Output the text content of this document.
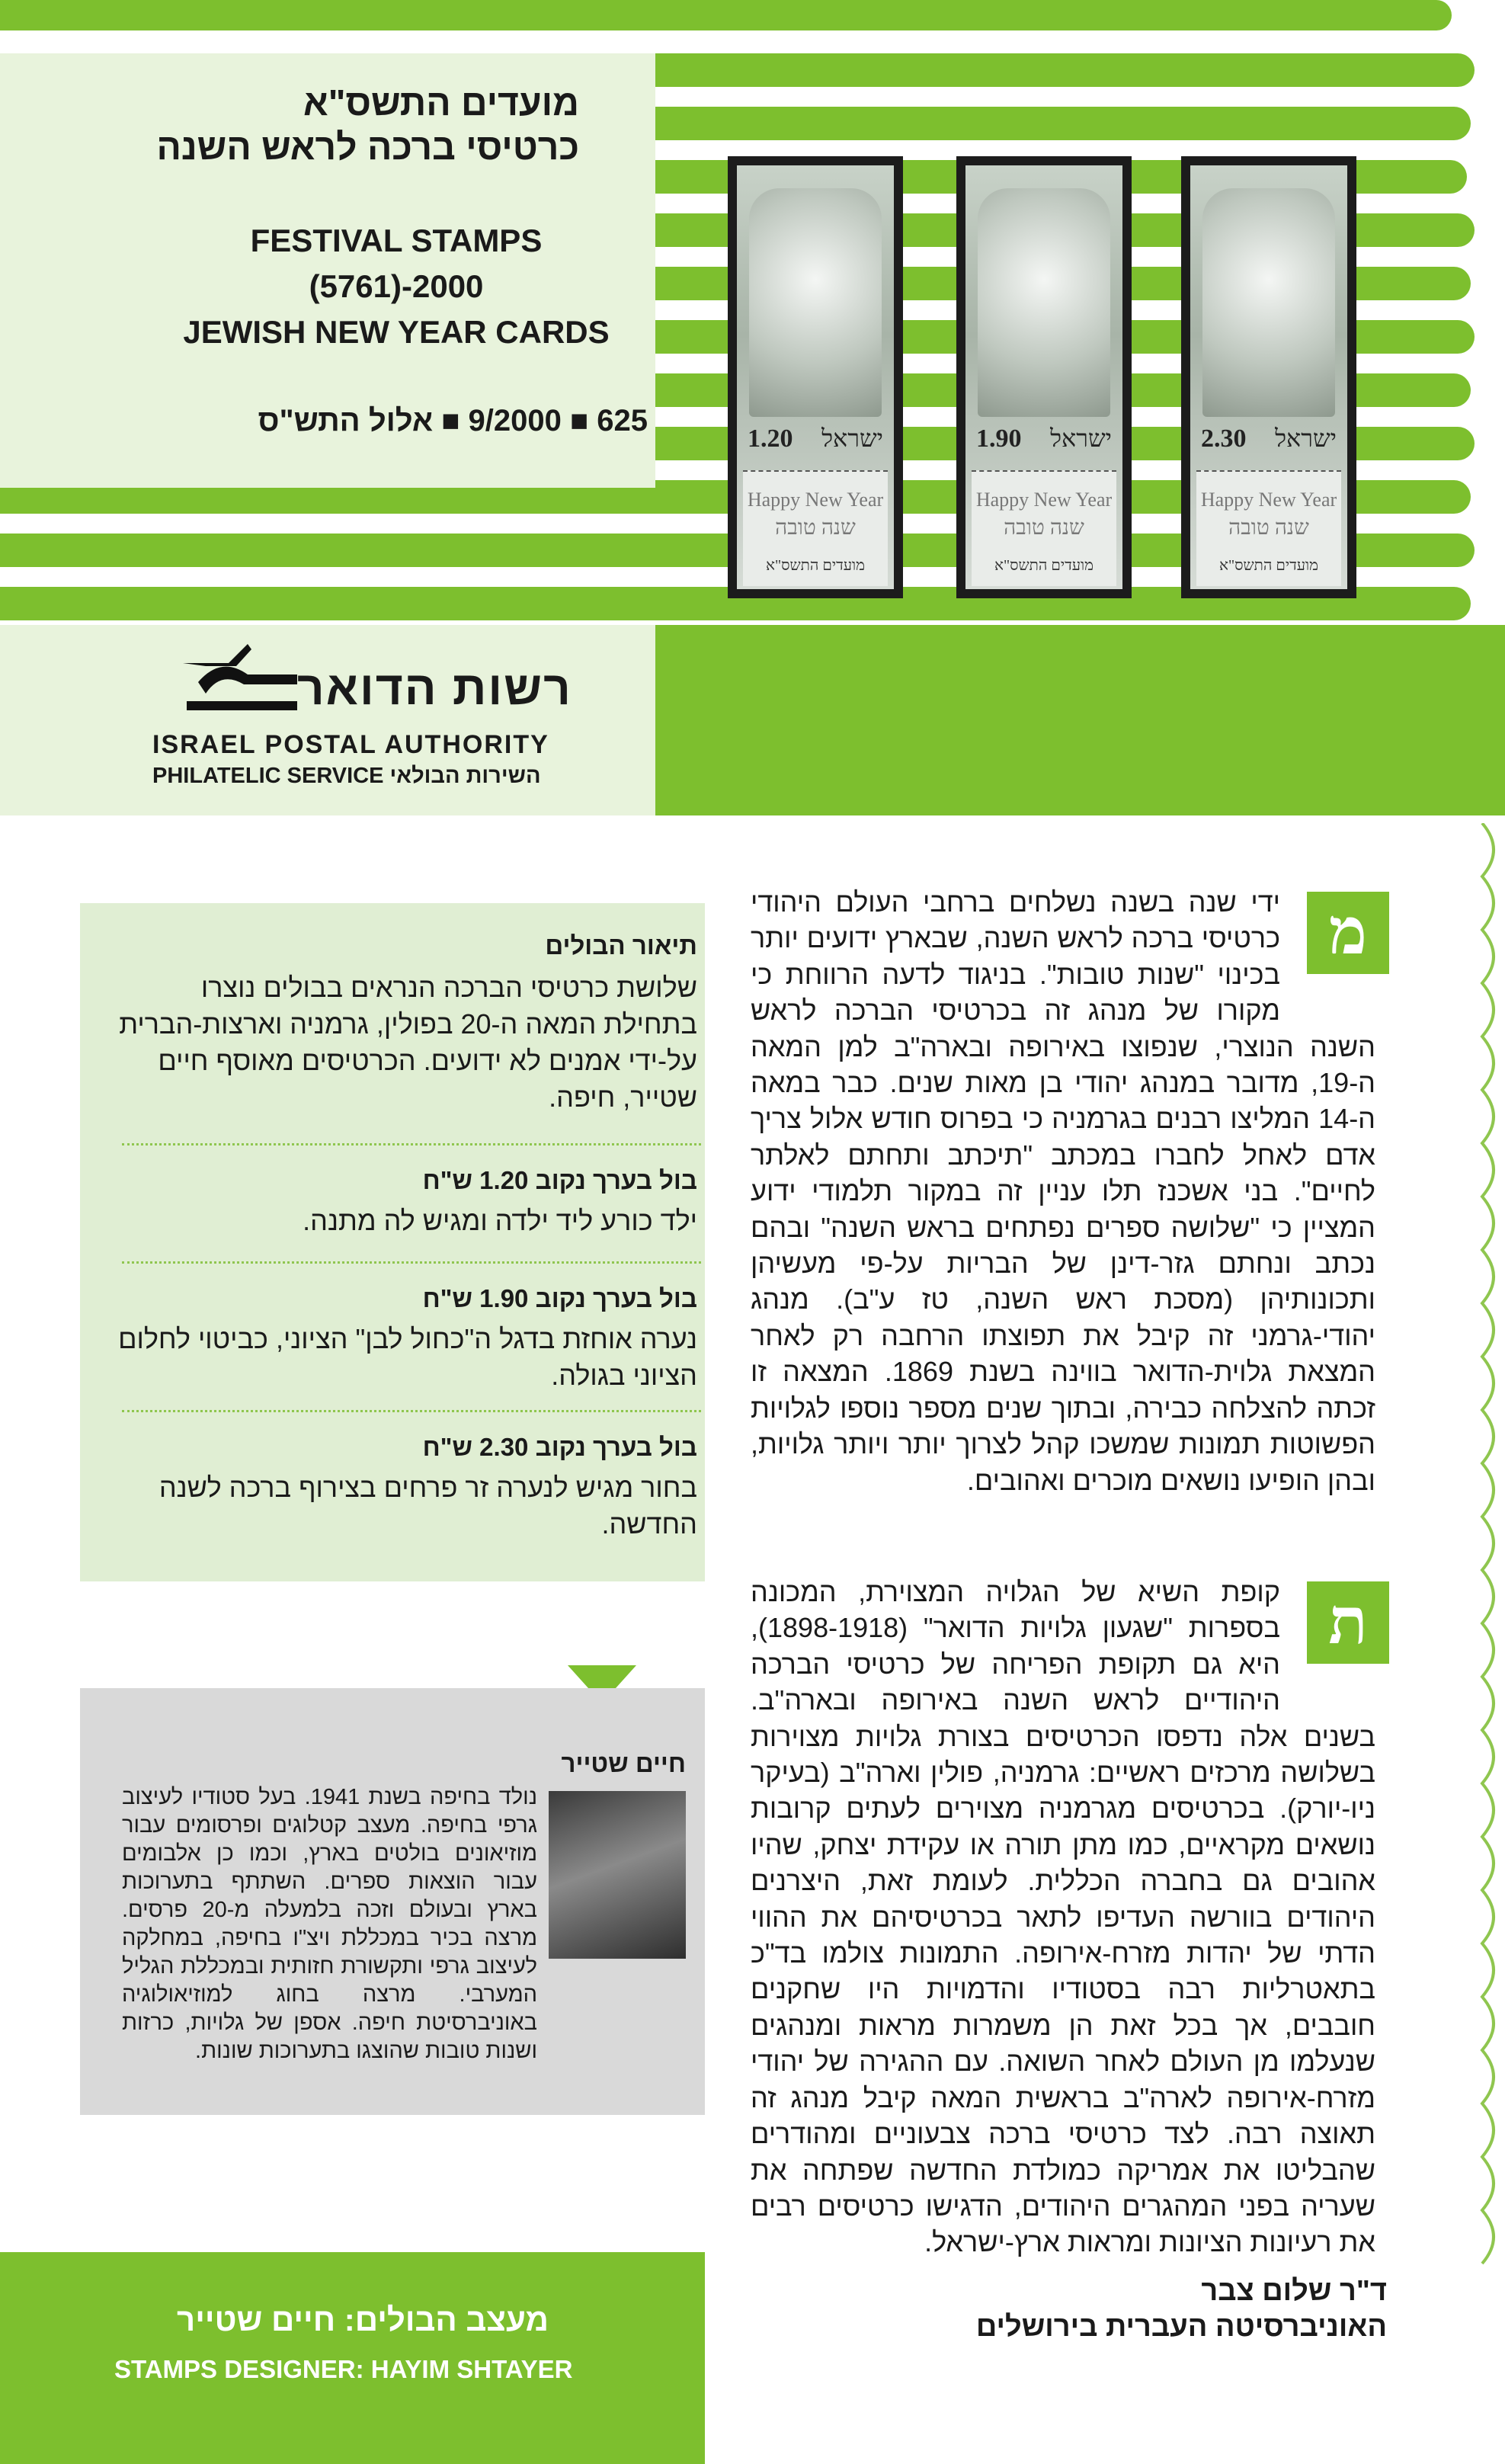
מועדים התשס"א
כרטיסי ברכה לראש השנה
FESTIVAL STAMPS
(5761)-2000
JEWISH NEW YEAR CARDS
625 ■ 9/2000 ■ אלול התש"ס
1.20 ישראל
Happy New Year
שנה טובה
מועדים התשס"א
1.90 ישראל
Happy New Year
שנה טובה
מועדים התשס"א
2.30 ישראל
Happy New Year
שנה טובה
מועדים התשס"א
רשות הדואר
ISRAEL POSTAL AUTHORITY
PHILATELIC SERVICE השירות הבולאי
תיאור הבולים
שלושת כרטיסי הברכה הנראים בבולים נוצרו בתחילת המאה ה-20 בפולין, גרמניה וארצות-הברית על-ידי אמנים לא ידועים. הכרטיסים מאוסף חיים שטייר, חיפה.
בול בערך נקוב 1.20 ש"ח
ילד כורע ליד ילדה ומגיש לה מתנה.
בול בערך נקוב 1.90 ש"ח
נערה אוחזת בדגל ה"כחול לבן" הציוני, כביטוי לחלום הציוני בגולה.
בול בערך נקוב 2.30 ש"ח
בחור מגיש לנערה זר פרחים בצירוף ברכה לשנה החדשה.
חיים שטייר
נולד בחיפה בשנת 1941. בעל סטודיו לעיצוב גרפי בחיפה. מעצב קטלוגים ופרסומים עבור מוזיאונים בולטים בארץ, וכמו כן אלבומים עבור הוצאות ספרים. השתתף בתערוכות בארץ ובעולם וזכה בלמעלה מ-20 פרסים. מרצה בכיר במכללת ויצ"ו בחיפה, במחלקה לעיצוב גרפי ותקשורת חזותית ובמכללת הגליל המערבי. מרצה בחוג למוזיאולוגיה באוניברסיטת חיפה. אספן של גלויות, כרזות ושנות טובות שהוצגו בתערוכות שונות.
מעצב הבולים: חיים שטייר
STAMPS DESIGNER: HAYIM SHTAYER
מ
ידי שנה בשנה נשלחים ברחבי העולם היהודי כרטיסי ברכה לראש השנה, שבארץ ידועים יותר בכינוי "שנות טובות". בניגוד לדעה הרווחת כי מקורו של מנהג זה בכרטיסי הברכה לראש השנה הנוצרי, שנפוצו באירופה ובארה"ב למן המאה ה-19, מדובר במנהג יהודי בן מאות שנים. כבר במאה ה-14 המליצו רבנים בגרמניה כי בפרוס חודש אלול צריך אדם לאחל לחברו במכתב "תיכתב ותחתם לאלתר לחיים". בני אשכנז תלו עניין זה במקור תלמודי ידוע המציין כי "שלושה ספרים נפתחים בראש השנה" ובהם נכתב ונחתם גזר-דינן של הבריות על-פי מעשיהן ותכונותיהן (מסכת ראש השנה, טז ע"ב). מנהג יהודי-גרמני זה קיבל את תפוצתו הרחבה רק לאחר המצאת גלוית-הדואר בווינה בשנת 1869. המצאה זו זכתה להצלחה כבירה, ובתוך שנים מספר נוספו לגלויות הפשוטות תמונות שמשכו קהל לצרוך יותר ויותר גלויות, ובהן הופיעו נושאים מוכרים ואהובים.
ת
קופת השיא של הגלויה המצוירת, המכונה בספרות "שגעון גלויות הדואר" (1898-1918), היא גם תקופת הפריחה של כרטיסי הברכה היהודיים לראש השנה באירופה ובארה"ב. בשנים אלה נדפסו הכרטיסים בצורת גלויות מצוירות בשלושה מרכזים ראשיים: גרמניה, פולין וארה"ב (בעיקר ניו-יורק). בכרטיסים מגרמניה מצוירים לעתים קרובות נושאים מקראיים, כמו מתן תורה או עקידת יצחק, שהיו אהובים גם בחברה הכללית. לעומת זאת, היצרנים היהודים בוורשה העדיפו לתאר בכרטיסיהם את ההווי הדתי של יהדות מזרח-אירופה. התמונות צולמו בד"כ בתאטרליות רבה בסטודיו והדמויות היו שחקנים חובבים, אך בכל זאת הן משמרות מראות ומנהגים שנעלמו מן העולם לאחר השואה. עם ההגירה של יהודי מזרח-אירופה לארה"ב בראשית המאה קיבל מנהג זה תאוצה רבה. לצד כרטיסי ברכה צבעוניים ומהודרים שהבליטו את אמריקה כמולדת החדשה שפתחה את שעריה בפני המהגרים היהודים, הדגישו כרטיסים רבים את רעיונות הציונות ומראות ארץ-ישראל.
ד"ר שלום צבר
האוניברסיטה העברית בירושלים
